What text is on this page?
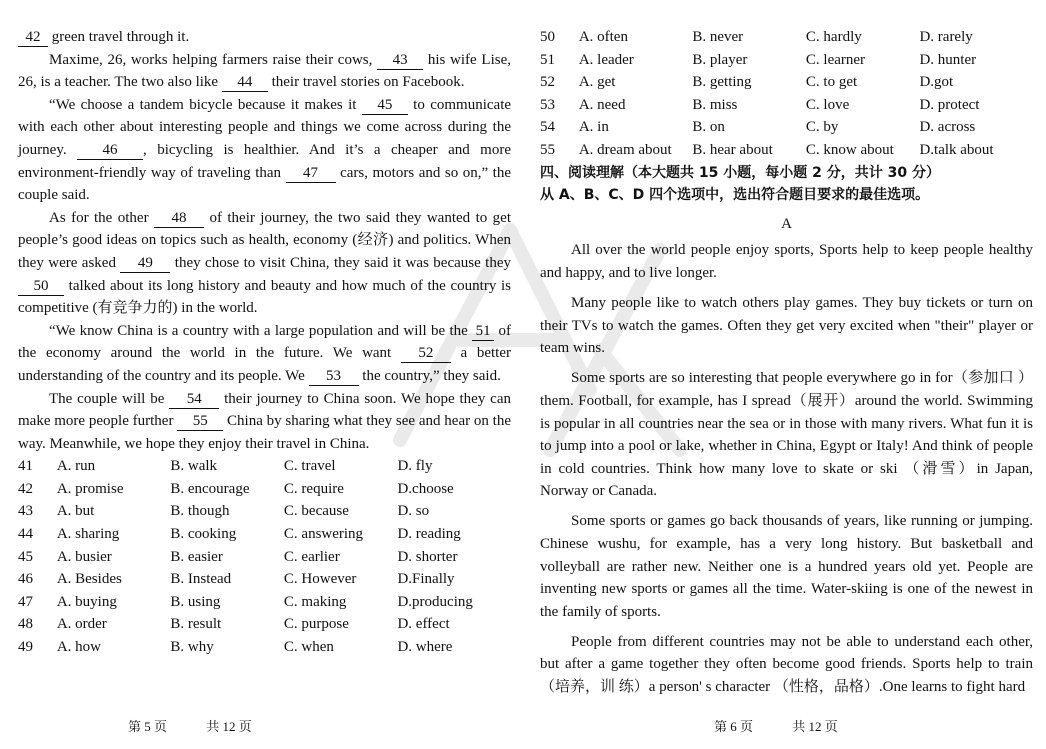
42 green travel through it.

Maxime, 26, works helping farmers raise their cows, 43 his wife Lise, 26, is a teacher. The two also like 44 their travel stories on Facebook.

“We choose a tandem bicycle because it makes it 45 to communicate with each other about interesting people and things we come across during the journey. 46 , bicycling is healthier. And it’s a cheaper and more environment-friendly way of traveling than 47 cars, motors and so on,” the couple said.

As for the other 48 of their journey, the two said they wanted to get people’s good ideas on topics such as health, economy (经济) and politics. When they were asked 49 they chose to visit China, they said it was because they 50 talked about its long history and beauty and how much of the country is competitive (有竞争力的) in the world.

“We know China is a country with a large population and will be the 51 of the economy around the world in the future. We want 52 a better understanding of the country and its people. We 53 the country,” they said.

The couple will be 54 their journey to China soon. We hope they can make more people further 55 China by sharing what they see and hear on the way. Meanwhile, we hope they enjoy their travel in China.

41	A. run	B. walk	C. travel	D. fly
42	A. promise	B. encourage	C. require	D.choose
43	A. but	B. though	C. because	D. so
44	A. sharing	B. cooking	C. answering	D. reading
45	A. busier	B. easier	C. earlier	D. shorter
46	A. Besides	B. Instead	C. However	D.Finally
47	A. buying	B. using	C. making	D.producing
48	A. order	B. result	C. purpose	D. effect
49	A. how	B. why	C. when	D. where
50	A. often	B. never	C. hardly	D. rarely
51	A. leader	B. player	C. learner	D. hunter
52	A. get	B. getting	C. to get	D.got
53	A. need	B. miss	C. love	D. protect
54	A. in	B. on	C. by	D. across
55	A. dream about	B. hear about	C. know about	D.talk about

四、阅读理解（本大题共 15 小题，每小题 2 分，共计 30 分）

从 A、B、C、D 四个选项中，选出符合题目要求的最佳选项。

A

All over the world people enjoy sports, Sports help to keep people healthy and happy, and to live longer.

Many people like to watch others play games. They buy tickets or turn on their TVs to watch the games. Often they get very excited when "their" player or team wins.

Some sports are so interesting that people everywhere go in for（参加口 ） them. Football, for example, has I spread（展开）around the world. Swimming is popular in all countries near the sea or in those with many rivers. What fun it is to jump into a pool or lake, whether in China, Egypt or Italy! And think of people in cold countries. Think how many love to skate or ski （滑雪）in Japan, Norway or Canada.

Some sports or games go back thousands of years, like running or jumping. Chinese wushu, for example, has a very long history. But basketball and volleyball are rather new. Neither one is a hundred years old yet. People are inventing new sports or games all the time. Water-skiing is one of the newest in the family of sports.

People from different countries may not be able to understand each other, but after a game together they often become good friends. Sports help to train（培养，训 练）a person' s character （性格，品格）.One learns to fight hard

第 5 页	共 12 页	第 6 页	共 12 页
